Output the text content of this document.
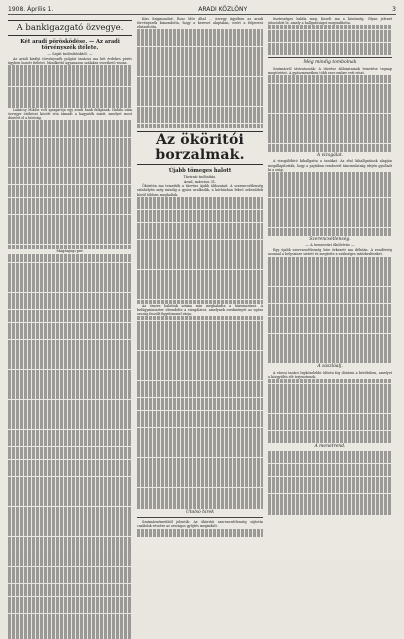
1908. Április 1.	ARADI KÖZLÖNY	3
A bankigazgató özvegye.
Két aradi pörösködése. — Az aradi törvényszék ítélete.
— Saját tudósítónktól. —

Az aradi királyi törvényszék polgári tanácsa ma két érdekes pörös ügyben hozott ítéletet. Mindkettő ugyanazon szálakra vezethető vissza.

Lukácsy Miklós volt igazgatója egy aradi bank fiókjának. Halála után özvegye örökösei között vita támadt a hagyaték miatt, amelyet most döntött el a bíróság.

Magánjogi per.

Kiss Szigmondné, Rosz Mór által ... özvegy ügyében az aradi törvényszék kimondotta, hogy a kereset alaptalan, ezért a felperest elutasította.

Az ököritói borzalmak.
Újabb tömeges halott
Távirati tudósítás.
Arad, március 31.

Ököritón ma temették a tűzvész újabb áldozatait. A szerencsétlenség színhelyén még mindig a gyász uralkodik, a kórházban fekvő sebesültek közül többen meghaltak.

Az összes halottak száma már meghaladta a háromszázat. A belügyminiszter elrendelte a vizsgálatot, amelynek eredményét az egész ország feszült figyelemmel várja.

Utolsó hírek

Szatmárnémetiből jelentik: Az ököritói szerencsétlenség sújtotta családok részére az országos gyűjtés megindult.

tisztességes halála meg. Kezelt ma a közönség. Olyan jelenet játszódott le, amely a hallgatóságot megindította.

Még mindig tombolnak

Szatmárról táviratozzák: A tűzvész áldozatainak temetése tegnap megtörtént. A gyászmenetben több ezer ember vett részt.

A vizsgálat.

A vizsgálóbíró kihallgatta a tanúkat. Az első kihallgatások alapján megállapították, hogy a pajtában rendezett táncmulatság idején gyulladt ki a zsúp.

Szerencsétlenség.
— A temesvári ökölvívás —

Egy újabb szerencsétlenség híre érkezett ma délután. A rendőrség azonnal a helyszínre sietett és megtette a szükséges intézkedéseket.

A zászlóalj.

A városi tanács legközelebbi ülésén fog dönteni a kérdésben, amelyet a közgyűlés elé terjesztenek.

A menetrend.
